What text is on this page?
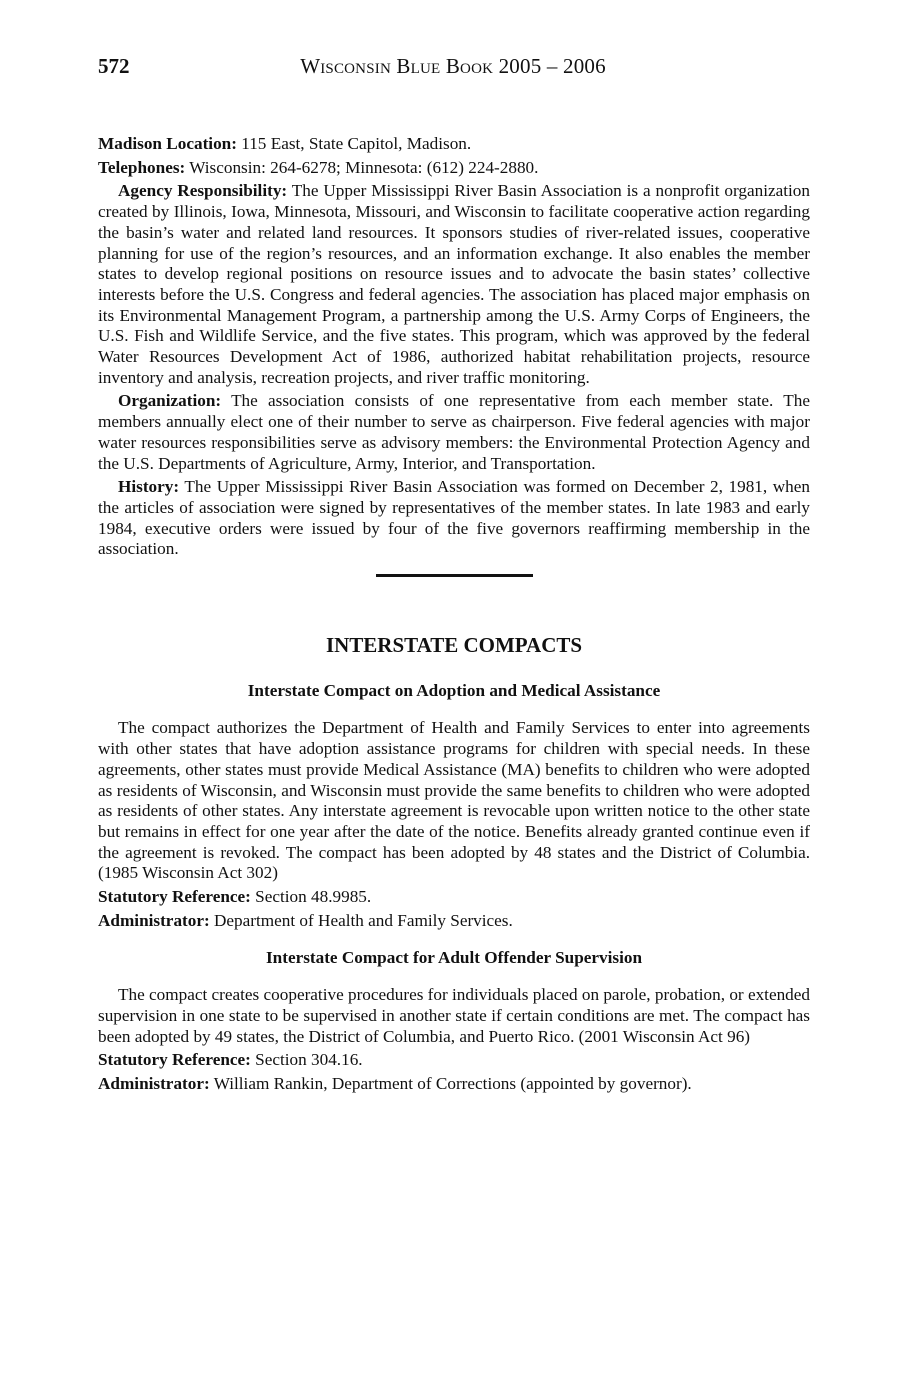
572	Wisconsin Blue Book 2005 – 2006

Madison Location: 115 East, State Capitol, Madison.

Telephones: Wisconsin: 264-6278; Minnesota: (612) 224-2880.

Agency Responsibility: The Upper Mississippi River Basin Association is a nonprofit organization created by Illinois, Iowa, Minnesota, Missouri, and Wisconsin to facilitate cooperative action regarding the basin’s water and related land resources. It sponsors studies of river-related issues, cooperative planning for use of the region’s resources, and an information exchange. It also enables the member states to develop regional positions on resource issues and to advocate the basin states’ collective interests before the U.S. Congress and federal agencies. The association has placed major emphasis on its Environmental Management Program, a partnership among the U.S. Army Corps of Engineers, the U.S. Fish and Wildlife Service, and the five states. This program, which was approved by the federal Water Resources Development Act of 1986, authorized habitat rehabilitation projects, resource inventory and analysis, recreation projects, and river traffic monitoring.

Organization: The association consists of one representative from each member state. The members annually elect one of their number to serve as chairperson. Five federal agencies with major water resources responsibilities serve as advisory members: the Environmental Protection Agency and the U.S. Departments of Agriculture, Army, Interior, and Transportation.

History: The Upper Mississippi River Basin Association was formed on December 2, 1981, when the articles of association were signed by representatives of the member states. In late 1983 and early 1984, executive orders were issued by four of the five governors reaffirming membership in the association.

INTERSTATE COMPACTS
Interstate Compact on Adoption and Medical Assistance

The compact authorizes the Department of Health and Family Services to enter into agreements with other states that have adoption assistance programs for children with special needs. In these agreements, other states must provide Medical Assistance (MA) benefits to children who were adopted as residents of Wisconsin, and Wisconsin must provide the same benefits to children who were adopted as residents of other states. Any interstate agreement is revocable upon written notice to the other state but remains in effect for one year after the date of the notice. Benefits already granted continue even if the agreement is revoked. The compact has been adopted by 48 states and the District of Columbia. (1985 Wisconsin Act 302)

Statutory Reference: Section 48.9985.

Administrator: Department of Health and Family Services.

Interstate Compact for Adult Offender Supervision

The compact creates cooperative procedures for individuals placed on parole, probation, or extended supervision in one state to be supervised in another state if certain conditions are met. The compact has been adopted by 49 states, the District of Columbia, and Puerto Rico. (2001 Wisconsin Act 96)

Statutory Reference: Section 304.16.

Administrator: William Rankin, Department of Corrections (appointed by governor).
